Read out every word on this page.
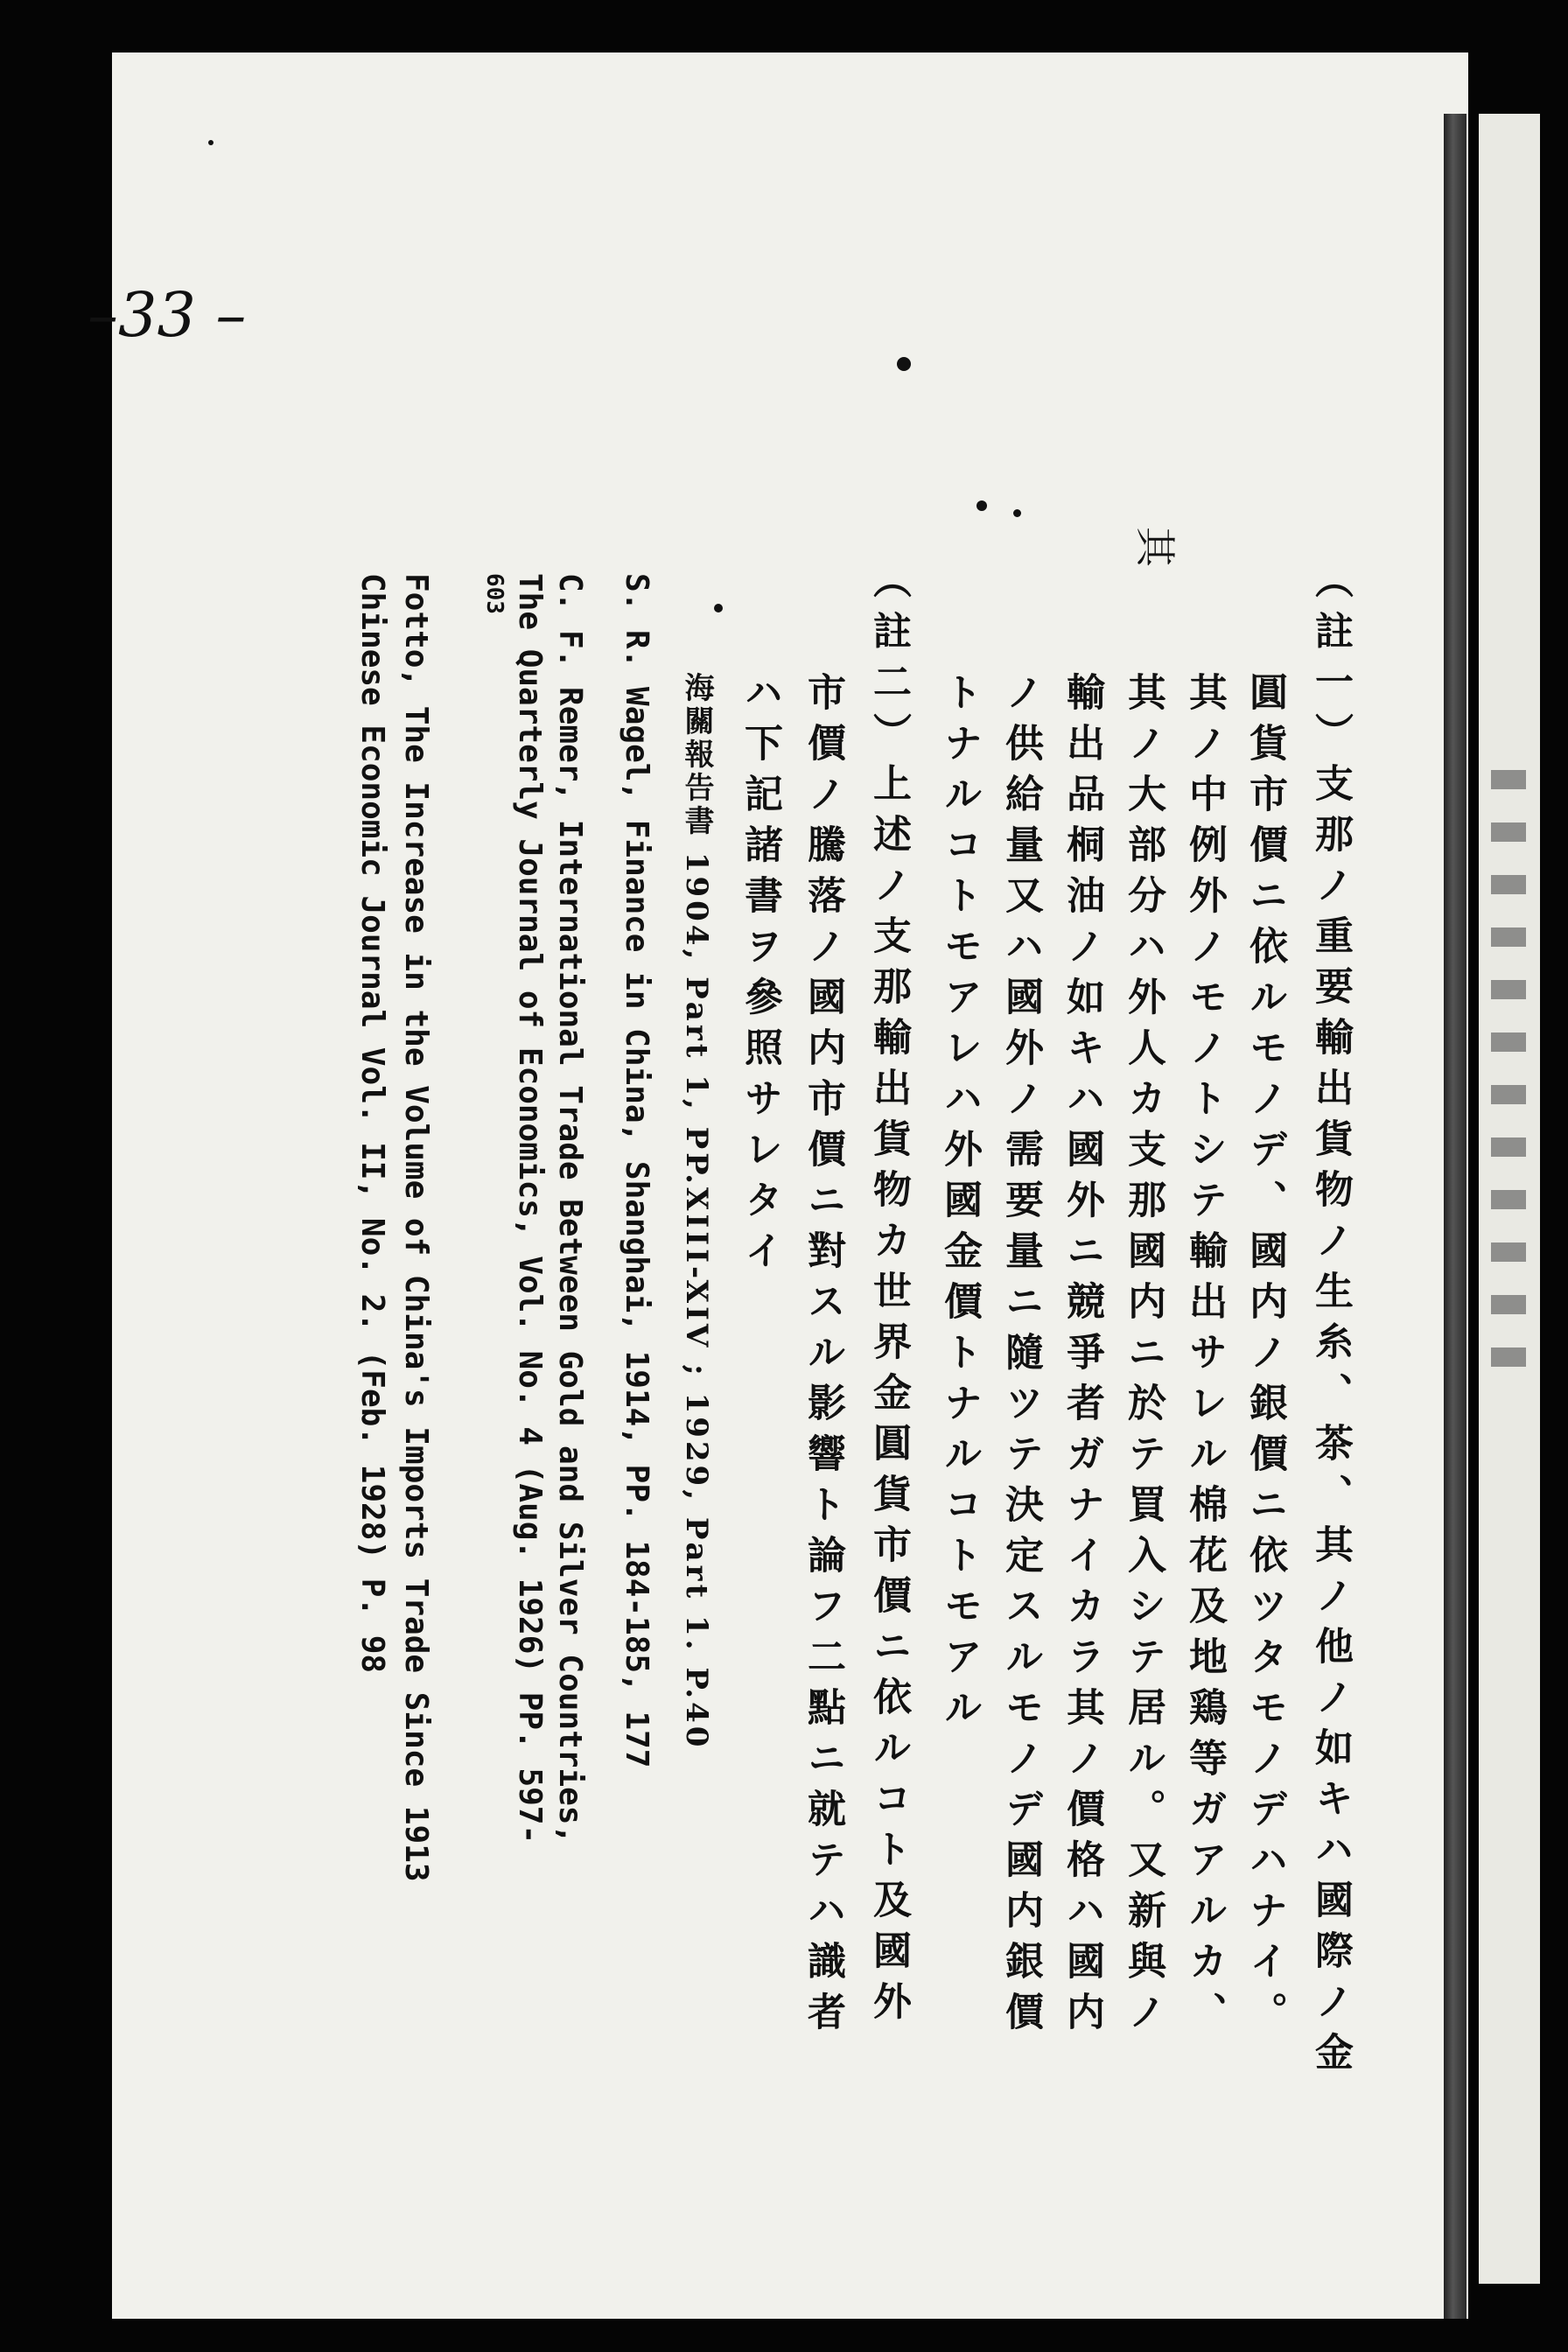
–33 –
其
（註一）支那ノ重要輸出貨物ノ生糸、茶、其ノ他ノ如キハ國際ノ金
圓貨市價ニ依ルモノデ、國内ノ銀價ニ依ツタモノデハナイ。
其ノ中例外ノモノトシテ輸出サレル棉花及地鶏等ガアルカ、
其ノ大部分ハ外人カ支那國内ニ於テ買入シテ居ル。又新與ノ
輸出品桐油ノ如キハ國外ニ競爭者ガナイカラ其ノ價格ハ國内
ノ供給量又ハ國外ノ需要量ニ隨ツテ決定スルモノデ國内銀價
トナルコトモアレハ外國金價トナルコトモアル
（註二）上述ノ支那輸出貨物カ世界金圓貨市價ニ依ルコト及國外
市價ノ騰落ノ國内市價ニ對スル影響ト論フ二點ニ就テハ識者
ハ下記諸書ヲ參照サレタイ
海關報告書 1904, Part 1, PP.XIII-XIV ; 1929, Part 1. P.40
S. R. Wagel, Finance in China, Shanghai, 1914, PP. 184-185, 177
C. F. Remer, International Trade Between Gold and Silver Countries,
The Quarterly Journal of Economics, Vol. No. 4 (Aug. 1926) PP. 597-
603
Fotto, The Increase in the Volume of China's Imports Trade Since 1913
Chinese Economic Journal Vol. II, No. 2. (Feb. 1928) P. 98
